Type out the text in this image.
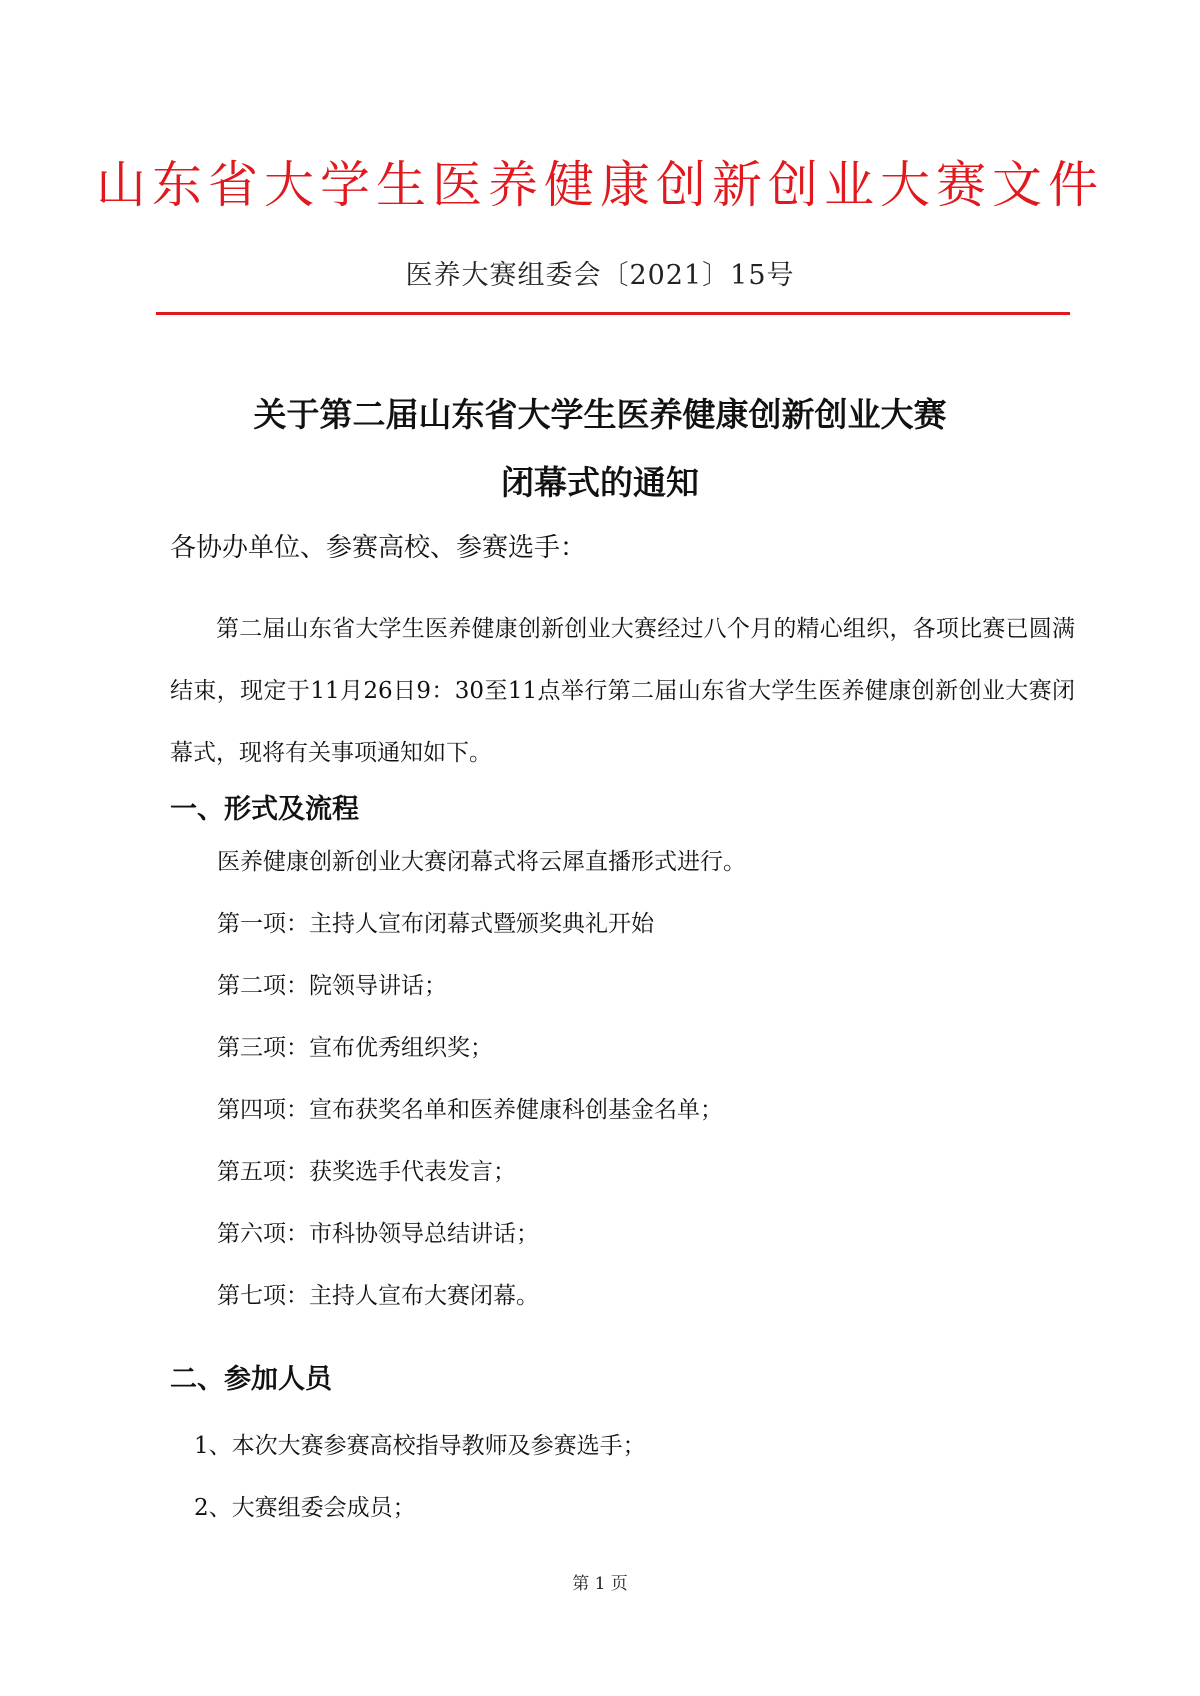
山东省大学生医养健康创新创业大赛文件
医养大赛组委会〔2021〕15号
关于第二届山东省大学生医养健康创新创业大赛
闭幕式的通知
各协办单位、参赛高校、参赛选手：
第二届山东省大学生医养健康创新创业大赛经过八个月的精心组织，各项比赛已圆满结束，现定于11月26日9：30至11点举行第二届山东省大学生医养健康创新创业大赛闭幕式，现将有关事项通知如下。
一、形式及流程
医养健康创新创业大赛闭幕式将云犀直播形式进行。
第一项：主持人宣布闭幕式暨颁奖典礼开始
第二项：院领导讲话；
第三项：宣布优秀组织奖；
第四项：宣布获奖名单和医养健康科创基金名单；
第五项：获奖选手代表发言；
第六项：市科协领导总结讲话；
第七项：主持人宣布大赛闭幕。
二、参加人员
1、本次大赛参赛高校指导教师及参赛选手；
2、大赛组委会成员；
第 1 页
